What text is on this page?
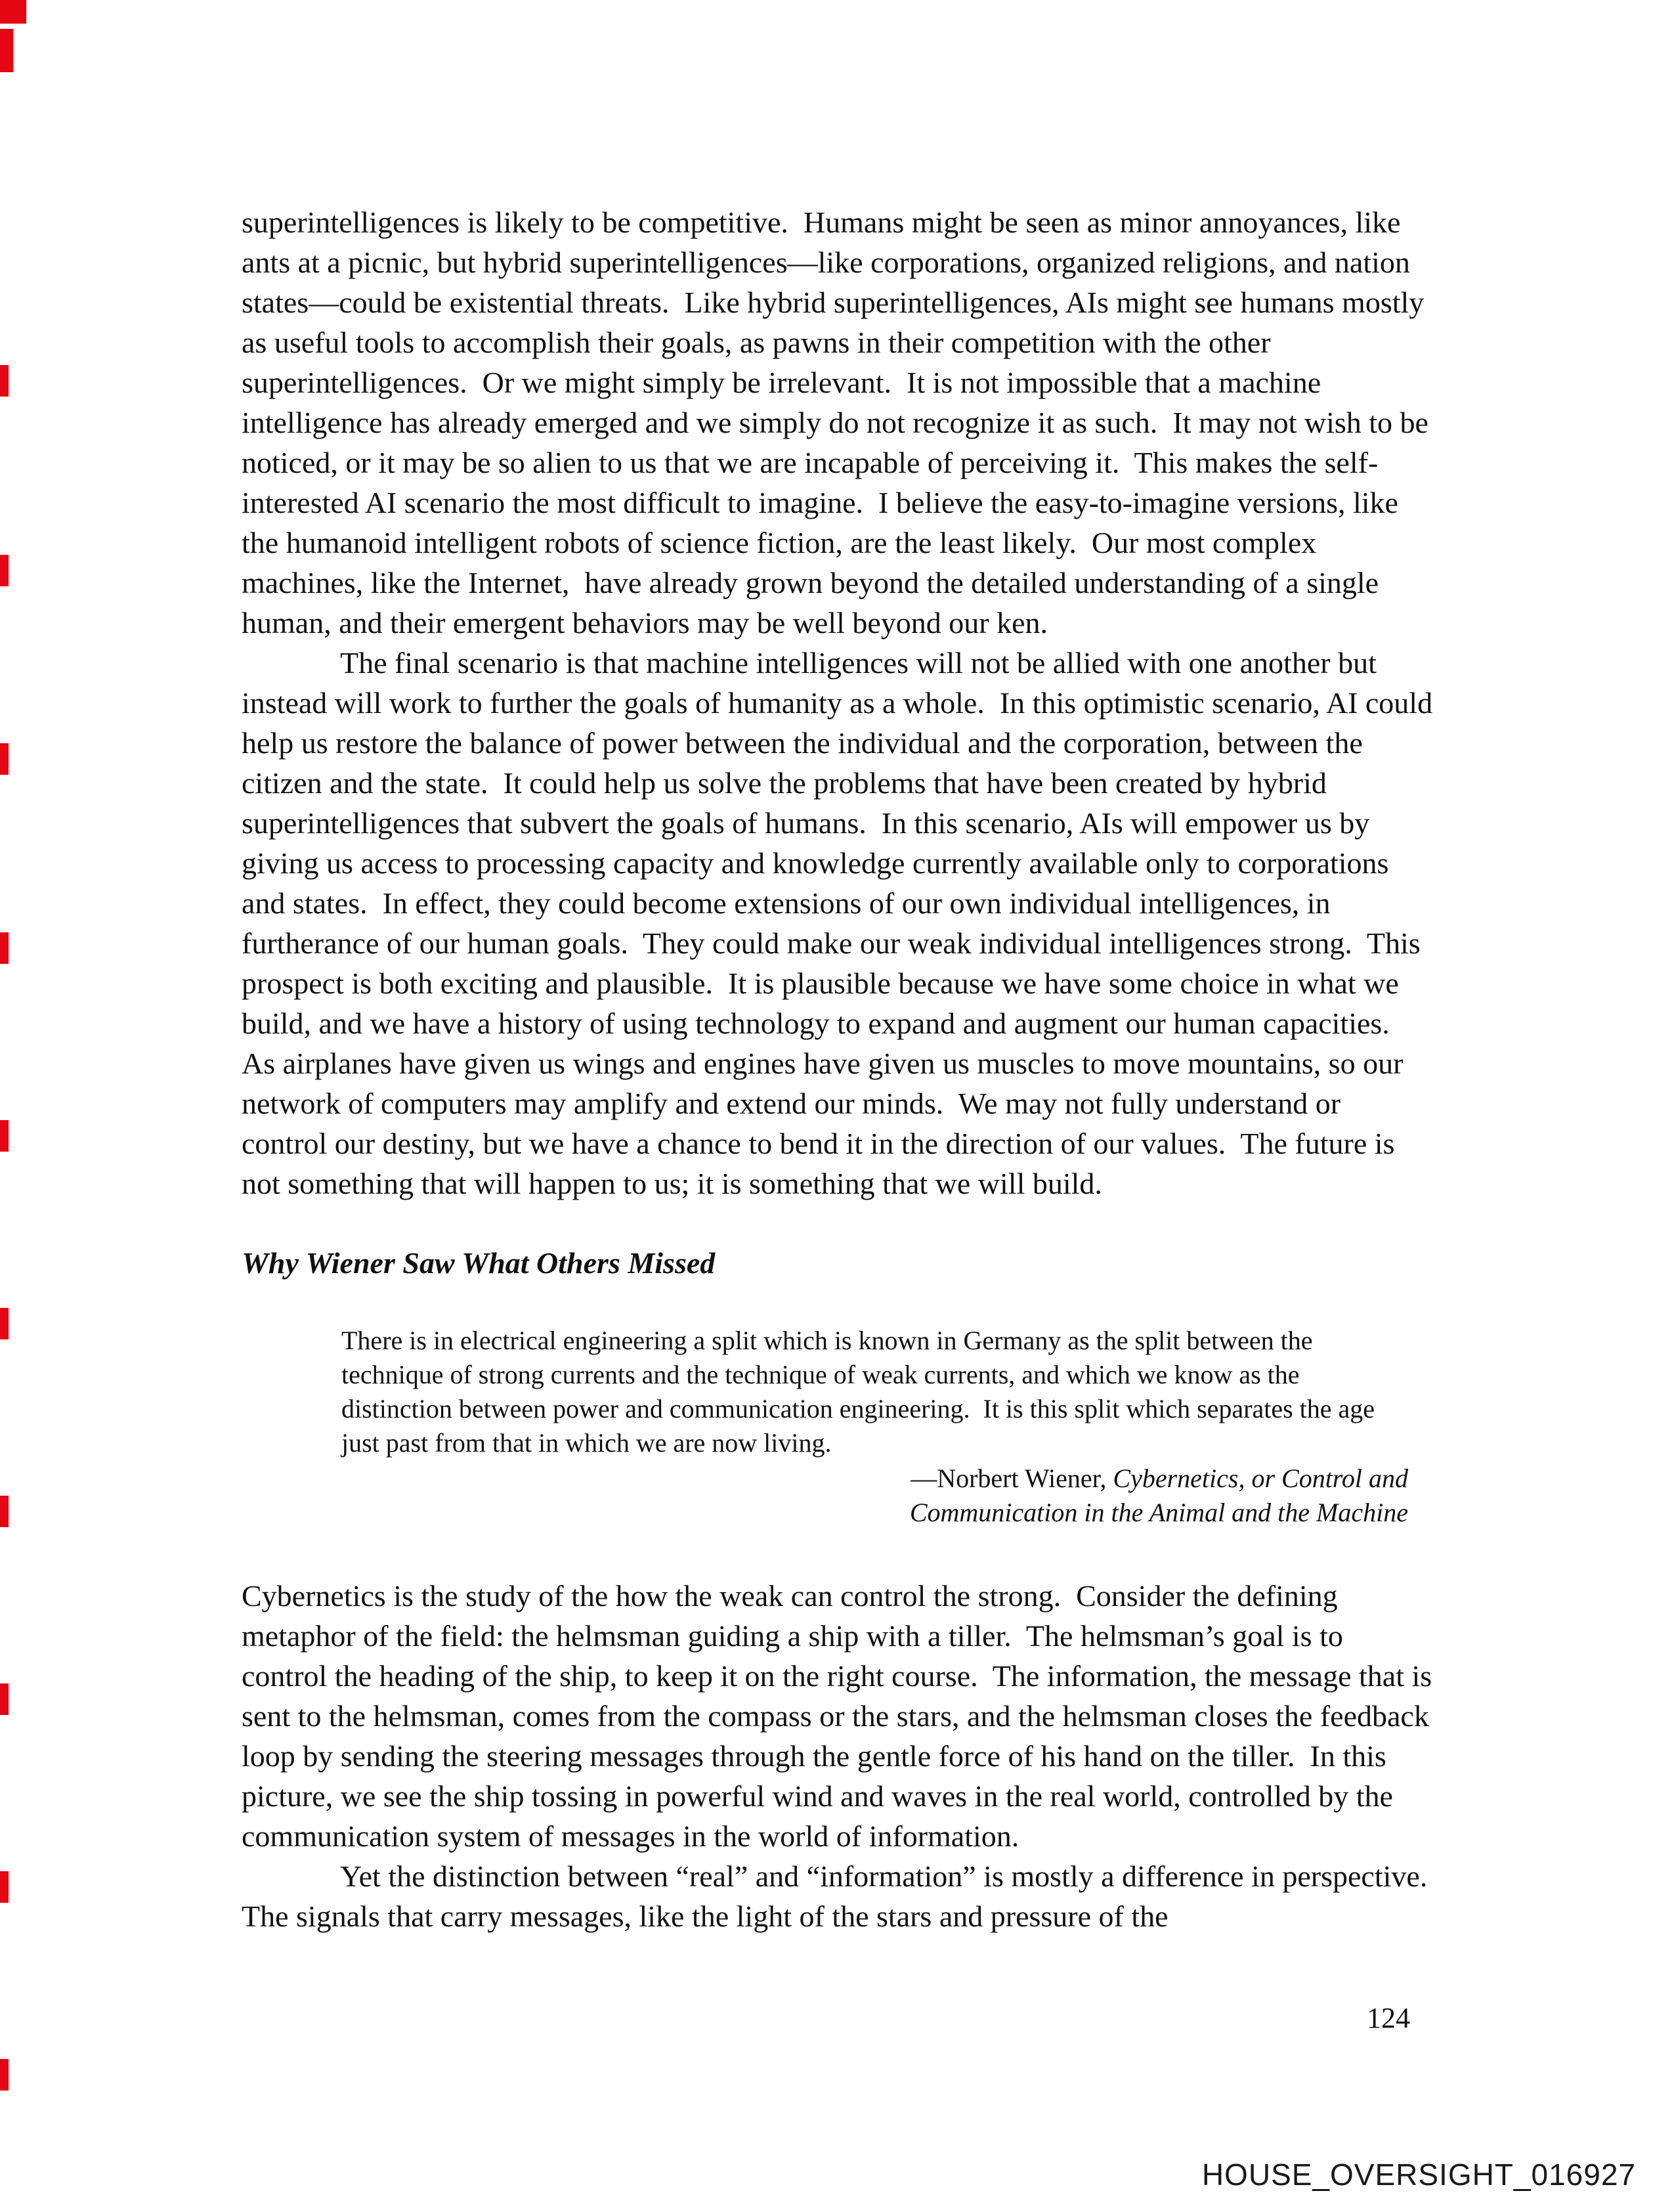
superintelligences is likely to be competitive.  Humans might be seen as minor annoyances, like ants at a picnic, but hybrid superintelligences—like corporations, organized religions, and nation states—could be existential threats.  Like hybrid superintelligences, AIs might see humans mostly as useful tools to accomplish their goals, as pawns in their competition with the other superintelligences.  Or we might simply be irrelevant.  It is not impossible that a machine intelligence has already emerged and we simply do not recognize it as such.  It may not wish to be noticed, or it may be so alien to us that we are incapable of perceiving it.  This makes the self-interested AI scenario the most difficult to imagine.  I believe the easy-to-imagine versions, like the humanoid intelligent robots of science fiction, are the least likely.  Our most complex machines, like the Internet,  have already grown beyond the detailed understanding of a single human, and their emergent behaviors may be well beyond our ken.

The final scenario is that machine intelligences will not be allied with one another but instead will work to further the goals of humanity as a whole.  In this optimistic scenario, AI could help us restore the balance of power between the individual and the corporation, between the citizen and the state.  It could help us solve the problems that have been created by hybrid superintelligences that subvert the goals of humans.  In this scenario, AIs will empower us by giving us access to processing capacity and knowledge currently available only to corporations and states.  In effect, they could become extensions of our own individual intelligences, in furtherance of our human goals.  They could make our weak individual intelligences strong.  This prospect is both exciting and plausible.  It is plausible because we have some choice in what we build, and we have a history of using technology to expand and augment our human capacities.  As airplanes have given us wings and engines have given us muscles to move mountains, so our network of computers may amplify and extend our minds.  We may not fully understand or control our destiny, but we have a chance to bend it in the direction of our values.  The future is not something that will happen to us; it is something that we will build.

Why Wiener Saw What Others Missed

There is in electrical engineering a split which is known in Germany as the split between the technique of strong currents and the technique of weak currents, and which we know as the distinction between power and communication engineering.  It is this split which separates the age just past from that in which we are now living.

—Norbert Wiener, Cybernetics, or Control and
Communication in the Animal and the Machine

Cybernetics is the study of the how the weak can control the strong.  Consider the defining metaphor of the field: the helmsman guiding a ship with a tiller.  The helmsman’s goal is to control the heading of the ship, to keep it on the right course.  The information, the message that is sent to the helmsman, comes from the compass or the stars, and the helmsman closes the feedback loop by sending the steering messages through the gentle force of his hand on the tiller.  In this picture, we see the ship tossing in powerful wind and waves in the real world, controlled by the communication system of messages in the world of information.

Yet the distinction between “real” and “information” is mostly a difference in perspective.  The signals that carry messages, like the light of the stars and pressure of the

124
HOUSE_OVERSIGHT_016927
